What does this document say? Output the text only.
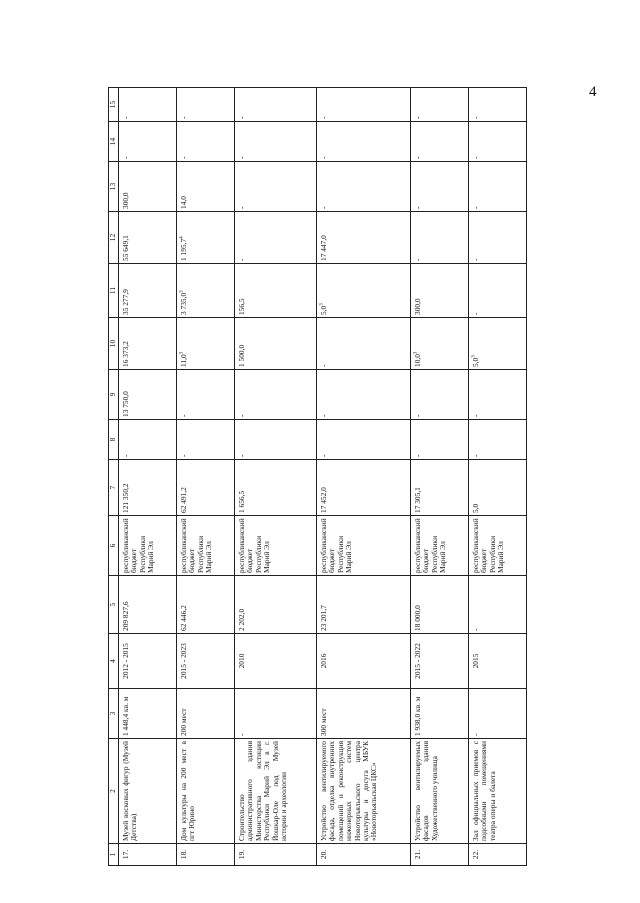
4
1	2	3	4	5	6	7	8	9	10	11	12	13	14	15
17.	Музей восковых фигур (Музей Детства)	1 448,4 кв. м	2012 - 2015	209 827,6	республиканский бюджет Республики Марий Эл	121 350,2	-	13 750,0	16 373,2	35 277,9	55 649,1	300,0	-	-
18.	Дом культуры на 200 мест в пгт Юрино	200 мест	2015 - 2023	62 446,2	республиканский бюджет Республики Марий Эл	62 491,2	-	-	11,0$^3$	3 735,0$^3$	1 195,7$^4$	14,0	-	-
19.	Строительство административного здания Министерства юстиции Республики Марий Эл в г. Йошкар-Оле под Музей истории и археологии	-	2010	2 202,0	республиканский бюджет Республики Марий Эл	1 656,5	-	-	1 500,0	156,5	-	-	-	-
20.	Устройство вентилируемого фасада, отделка внутренних помещений и реконструкция инженерных систем Новоторъяльского центра культуры и досуга МБУК «Новоторъяльская ЦКС»	300 мест	2016	23 201,7	республиканский бюджет Республики Марий Эл	17 452,0	-	-	-	$5,0^3$	17 447,0	-	-	-
21.	Устройство вентилируемых фасадов здания Художественного училища	1 938,0 кв. м	2015 - 2022	18 000,0	республиканский бюджет Республики Марий Эл	17 305,1	-	-	10,0$^3$	300,0	-	-	-	-
22.	Зал официальных приемов с подсобными помещениями театра оперы и балета	-	2015	-	республиканский бюджет Республики Марий Эл	5,0	-	-	$5,0^3$	-	-	-	-	-
